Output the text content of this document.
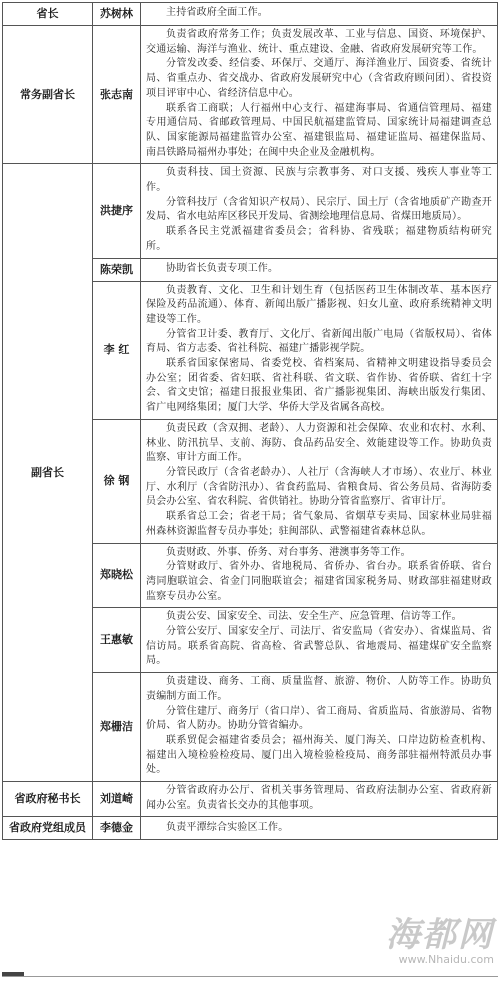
省长	苏树林	主持省政府全面工作。

常务副省长	张志南	负责省政府常务工作；负责发展改革、工业与信息、国资、环境保护、交通运输、海洋与渔业、统计、重点建设、金融、省政府发展研究等工作。

分管发改委、经信委、环保厅、交通厅、海洋渔业厅、国资委、省统计局、省重点办、省交战办、省政府发展研究中心（含省政府顾问团）、省投资项目评审中心、省经济信息中心。

联系省工商联；人行福州中心支行、福建海事局、省通信管理局、福建专用通信局、省邮政管理局、中国民航福建监管局、国家统计局福建调查总队、国家能源局福建监管办公室、福建银监局、福建证监局、福建保监局、南昌铁路局福州办事处；在闽中央企业及金融机构。

副省长	洪捷序	负责科技、国土资源、民族与宗教事务、对口支援、残疾人事业等工作。

分管科技厅（含省知识产权局）、民宗厅、国土厅（含省地质矿产勘查开发局、省水电站库区移民开发局、省测绘地理信息局、省煤田地质局）。

联系各民主党派福建省委员会；省科协、省残联；福建物质结构研究所。

	陈荣凯	协助省长负责专项工作。

	李 红	负责教育、文化、卫生和计划生育（包括医药卫生体制改革、基本医疗保险及药品流通）、体育、新闻出版广播影视、妇女儿童、政府系统精神文明建设等工作。

分管省卫计委、教育厅、文化厅、省新闻出版广电局（省版权局）、省体育局、省方志委、省社科院、福建广播影视学院。

联系省国家保密局、省委党校、省档案局、省精神文明建设指导委员会办公室；团省委、省妇联、省社科联、省文联、省作协、省侨联、省红十字会、省文史馆；福建日报报业集团、省广播影视集团、海峡出版发行集团、省广电网络集团；厦门大学、华侨大学及省属各高校。

	徐 钢	负责民政（含双拥、老龄）、人力资源和社会保障、农业和农村、水利、林业、防汛抗旱、支前、海防、食品药品安全、效能建设等工作。协助负责监察、审计方面工作。

分管民政厅（含省老龄办）、人社厅（含海峡人才市场）、农业厅、林业厅、水利厅（含省防汛办）、省食药监局、省粮食局、省公务员局、省海防委员会办公室、省农科院、省供销社。协助分管省监察厅、省审计厅。

联系省总工会；省老干局；省气象局、省烟草专卖局、国家林业局驻福州森林资源监督专员办事处；驻闽部队、武警福建省森林总队。

	郑晓松	负责财政、外事、侨务、对台事务、港澳事务等工作。

分管财政厅、省外办、省地税局、省侨办、省台办。联系省侨联、省台湾同胞联谊会、省金门同胞联谊会；福建省国家税务局、财政部驻福建财政监察专员办公室。

	王惠敏	负责公安、国家安全、司法、安全生产、应急管理、信访等工作。

分管公安厅、国家安全厅、司法厅、省安监局（省安办）、省煤监局、省信访局。联系省高院、省高检、省武警总队、省地震局、福建煤矿安全监察局。

	郑栅洁	负责建设、商务、工商、质量监督、旅游、物价、人防等工作。协助负责编制方面工作。

分管住建厅、商务厅（省口岸）、省工商局、省质监局、省旅游局、省物价局、省人防办。协助分管省编办。

联系贸促会福建省委员会；福州海关、厦门海关、口岸边防检查机构、福建出入境检验检疫局、厦门出入境检验检疫局、商务部驻福州特派员办事处。

省政府秘书长	刘道崎	分管省政府办公厅、省机关事务管理局、省政府法制办公室、省政府新闻办公室。负责省长交办的其他事项。

省政府党组成员	李德金	负责平潭综合实验区工作。

海都网
www.Nhaidu.com
